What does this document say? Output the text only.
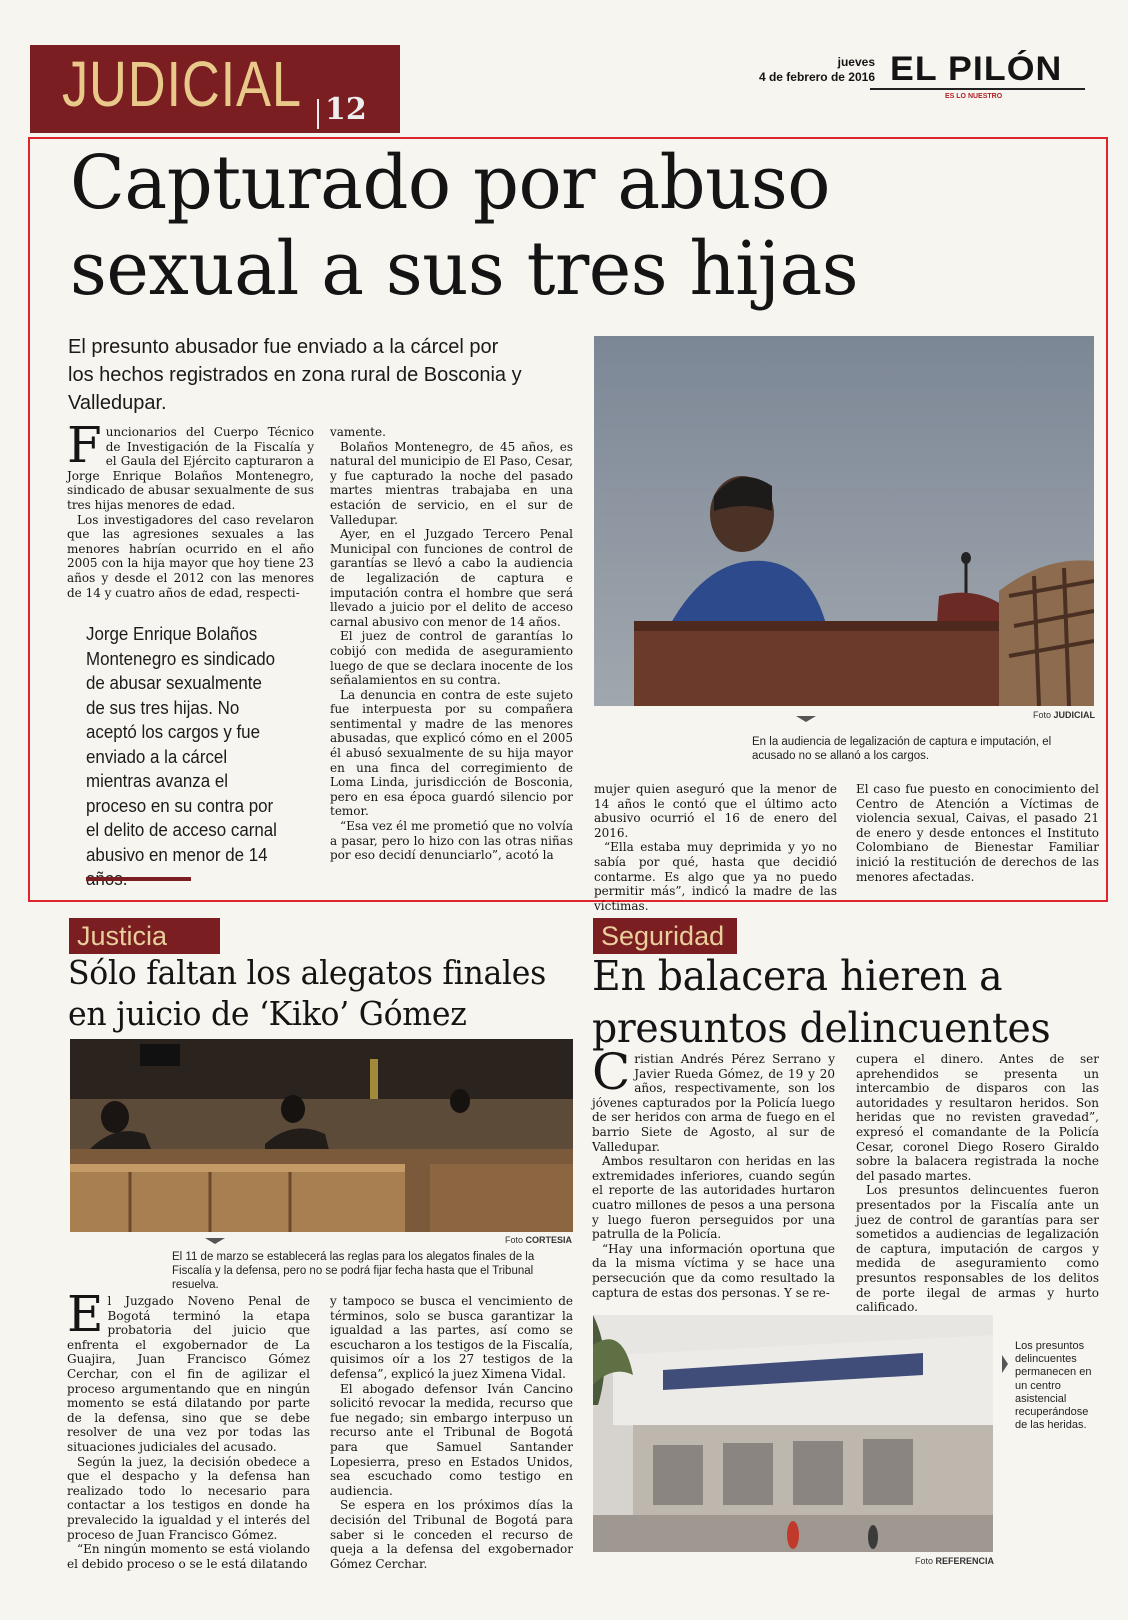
JUDICIAL 12
jueves
4 de febrero de 2016 EL PILÓN
ES LO NUESTRO
Capturado por abuso sexual a sus tres hijas
El presunto abusador fue enviado a la cárcel por los hechos registrados en zona rural de Bosconia y Valledupar.

Funcionarios del Cuerpo Técnico de Investigación de la Fiscalía y el Gaula del Ejército capturaron a Jorge Enrique Bolaños Montenegro, sindicado de abusar sexualmente de sus tres hijas menores de edad.

Los investigadores del caso revelaron que las agresiones sexuales a las menores habrían ocurrido en el año 2005 con la hija mayor que hoy tiene 23 años y desde el 2012 con las menores de 14 y cuatro años de edad, respecti-

Jorge Enrique Bolaños Montenegro es sindicado de abusar sexualmente de sus tres hijas. No aceptó los cargos y fue enviado a la cárcel mientras avanza el proceso en su contra por el delito de acceso carnal abusivo en menor de 14

vamente.

Bolaños Montenegro, de 45 años, es natural del municipio de El Paso, Cesar, y fue capturado la noche del pasado martes mientras trabajaba en una estación de servicio, en el sur de Valledupar.

Ayer, en el Juzgado Tercero Penal Municipal con funciones de control de garantías se llevó a cabo la audiencia de legalización de captura e imputación contra el hombre que será llevado a juicio por el delito de acceso carnal abusivo con menor de 14 años.

El juez de control de garantías lo cobijó con medida de aseguramiento luego de que se declara inocente de los señalamientos en su contra.

La denuncia en contra de este sujeto fue interpuesta por su compañera sentimental y madre de las menores abusadas, que explicó cómo en el 2005 él abusó sexualmente de su hija mayor en una finca del corregimiento de Loma Linda, jurisdicción de Bosconia, pero en esa época guardó silencio por temor.

“Esa vez él me prometió que no volvía a pasar, pero lo hizo con las otras niñas por eso decidí denunciarlo”, acotó la

Foto JUDICIAL
En la audiencia de legalización de captura e imputación, el acusado no se allanó a los cargos.

mujer quien aseguró que la menor de 14 años le contó que el último acto abusivo ocurrió el 16 de enero del 2016.

“Ella estaba muy deprimida y yo no sabía por qué, hasta que decidió contarme. Es algo que ya no puedo permitir más”, indicó la madre de las víctimas.

El caso fue puesto en conocimiento del Centro de Atención a Víctimas de violencia sexual, Caivas, el pasado 21 de enero y desde entonces el Instituto Colombiano de Bienestar Familiar inició la restitución de derechos de las menores afectadas.

Justicia
Sólo faltan los alegatos finales en juicio de ‘Kiko’ Gómez
Foto CORTESIA
El 11 de marzo se establecerá las reglas para los alegatos finales de la Fiscalía y la defensa, pero no se podrá fijar fecha hasta que el Tribunal resuelva.

El Juzgado Noveno Penal de Bogotá terminó la etapa probatoria del juicio que enfrenta el exgobernador de La Guajira, Juan Francisco Gómez Cerchar, con el fin de agilizar el proceso argumentando que en ningún momento se está dilatando por parte de la defensa, sino que se debe resolver de una vez por todas las situaciones judiciales del acusado.

Según la juez, la decisión obedece a que el despacho y la defensa han realizado todo lo necesario para contactar a los testigos en donde ha prevalecido la igualdad y el interés del proceso de Juan Francisco Gómez.

“En ningún momento se está violando el debido proceso o se le está dilatando

y tampoco se busca el vencimiento de términos, solo se busca garantizar la igualdad a las partes, así como se escucharon a los testigos de la Fiscalía, quisimos oír a los 27 testigos de la defensa”, explicó la juez Ximena Vidal.

El abogado defensor Iván Cancino solicitó revocar la medida, recurso que fue negado; sin embargo interpuso un recurso ante el Tribunal de Bogotá para que Samuel Santander Lopesierra, preso en Estados Unidos, sea escuchado como testigo en audiencia.

Se espera en los próximos días la decisión del Tribunal de Bogotá para saber si le conceden el recurso de queja a la defensa del exgobernador Gómez Cerchar.

Seguridad
En balacera hieren a presuntos delincuentes

Cristian Andrés Pérez Serrano y Javier Rueda Gómez, de 19 y 20 años, respectivamente, son los jóvenes capturados por la Policía luego de ser heridos con arma de fuego en el barrio Siete de Agosto, al sur de Valledupar.

Ambos resultaron con heridas en las extremidades inferiores, cuando según el reporte de las autoridades hurtaron cuatro millones de pesos a una persona y luego fueron perseguidos por una patrulla de la Policía.

“Hay una información oportuna que da la misma víctima y se hace una persecución que da como resultado la captura de estas dos personas. Y se re-

cupera el dinero. Antes de ser aprehendidos se presenta un intercambio de disparos con las autoridades y resultaron heridos. Son heridas que no revisten gravedad”, expresó el comandante de la Policía Cesar, coronel Diego Rosero Giraldo sobre la balacera registrada la noche del pasado martes.

Los presuntos delincuentes fueron presentados por la Fiscalía ante un juez de control de garantías para ser sometidos a audiencias de legalización de captura, imputación de cargos y medida de aseguramiento como presuntos responsables de los delitos de porte ilegal de armas y hurto calificado.

Foto REFERENCIA
Los presuntos delincuentes permanecen en un centro asistencial recuperándose de las heridas.
